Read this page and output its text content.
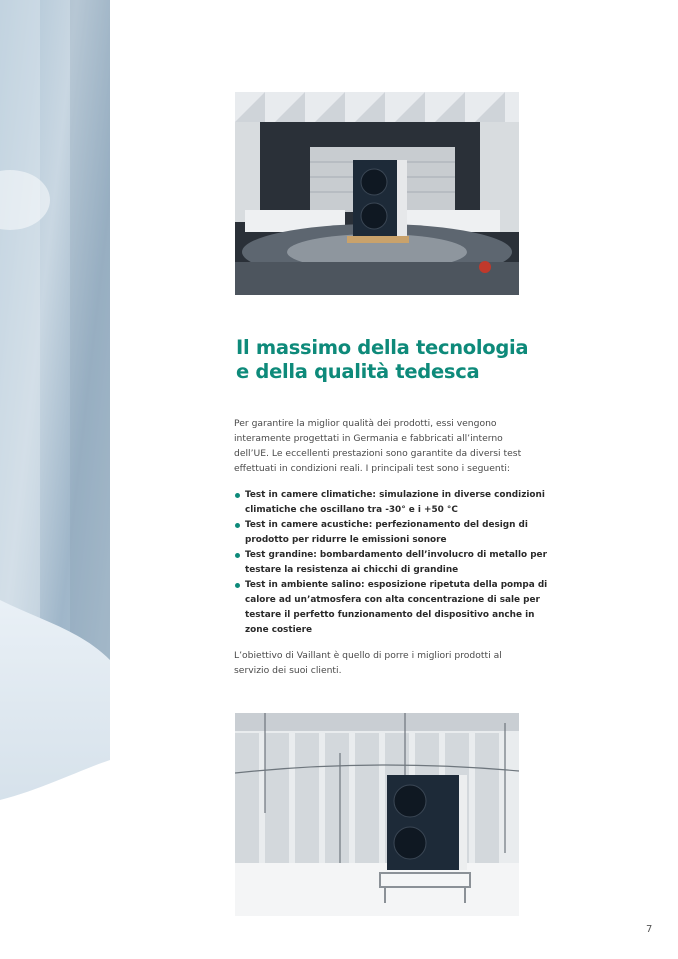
Il massimo della tecnologia
e della qualità tedesca

Per garantire la miglior qualità dei prodotti, essi vengono
interamente progettati in Germania e fabbricati all’interno
dell’UE. Le eccellenti prestazioni sono garantite da diversi test
effettuati in condizioni reali. I principali test sono i seguenti:

Test in camere climatiche: simulazione in diverse condizioni
climatiche che oscillano tra -30° e i +50 °C
Test in camere acustiche: perfezionamento del design di
prodotto per ridurre le emissioni sonore
Test grandine: bombardamento dell’involucro di metallo per
testare la resistenza ai chicchi di grandine
Test in ambiente salino: esposizione ripetuta della pompa di
calore ad un’atmosfera con alta concentrazione di sale per
testare il perfetto funzionamento del dispositivo anche in
zone costiere

L’obiettivo di Vaillant è quello di porre i migliori prodotti al
servizio dei suoi clienti.

7
